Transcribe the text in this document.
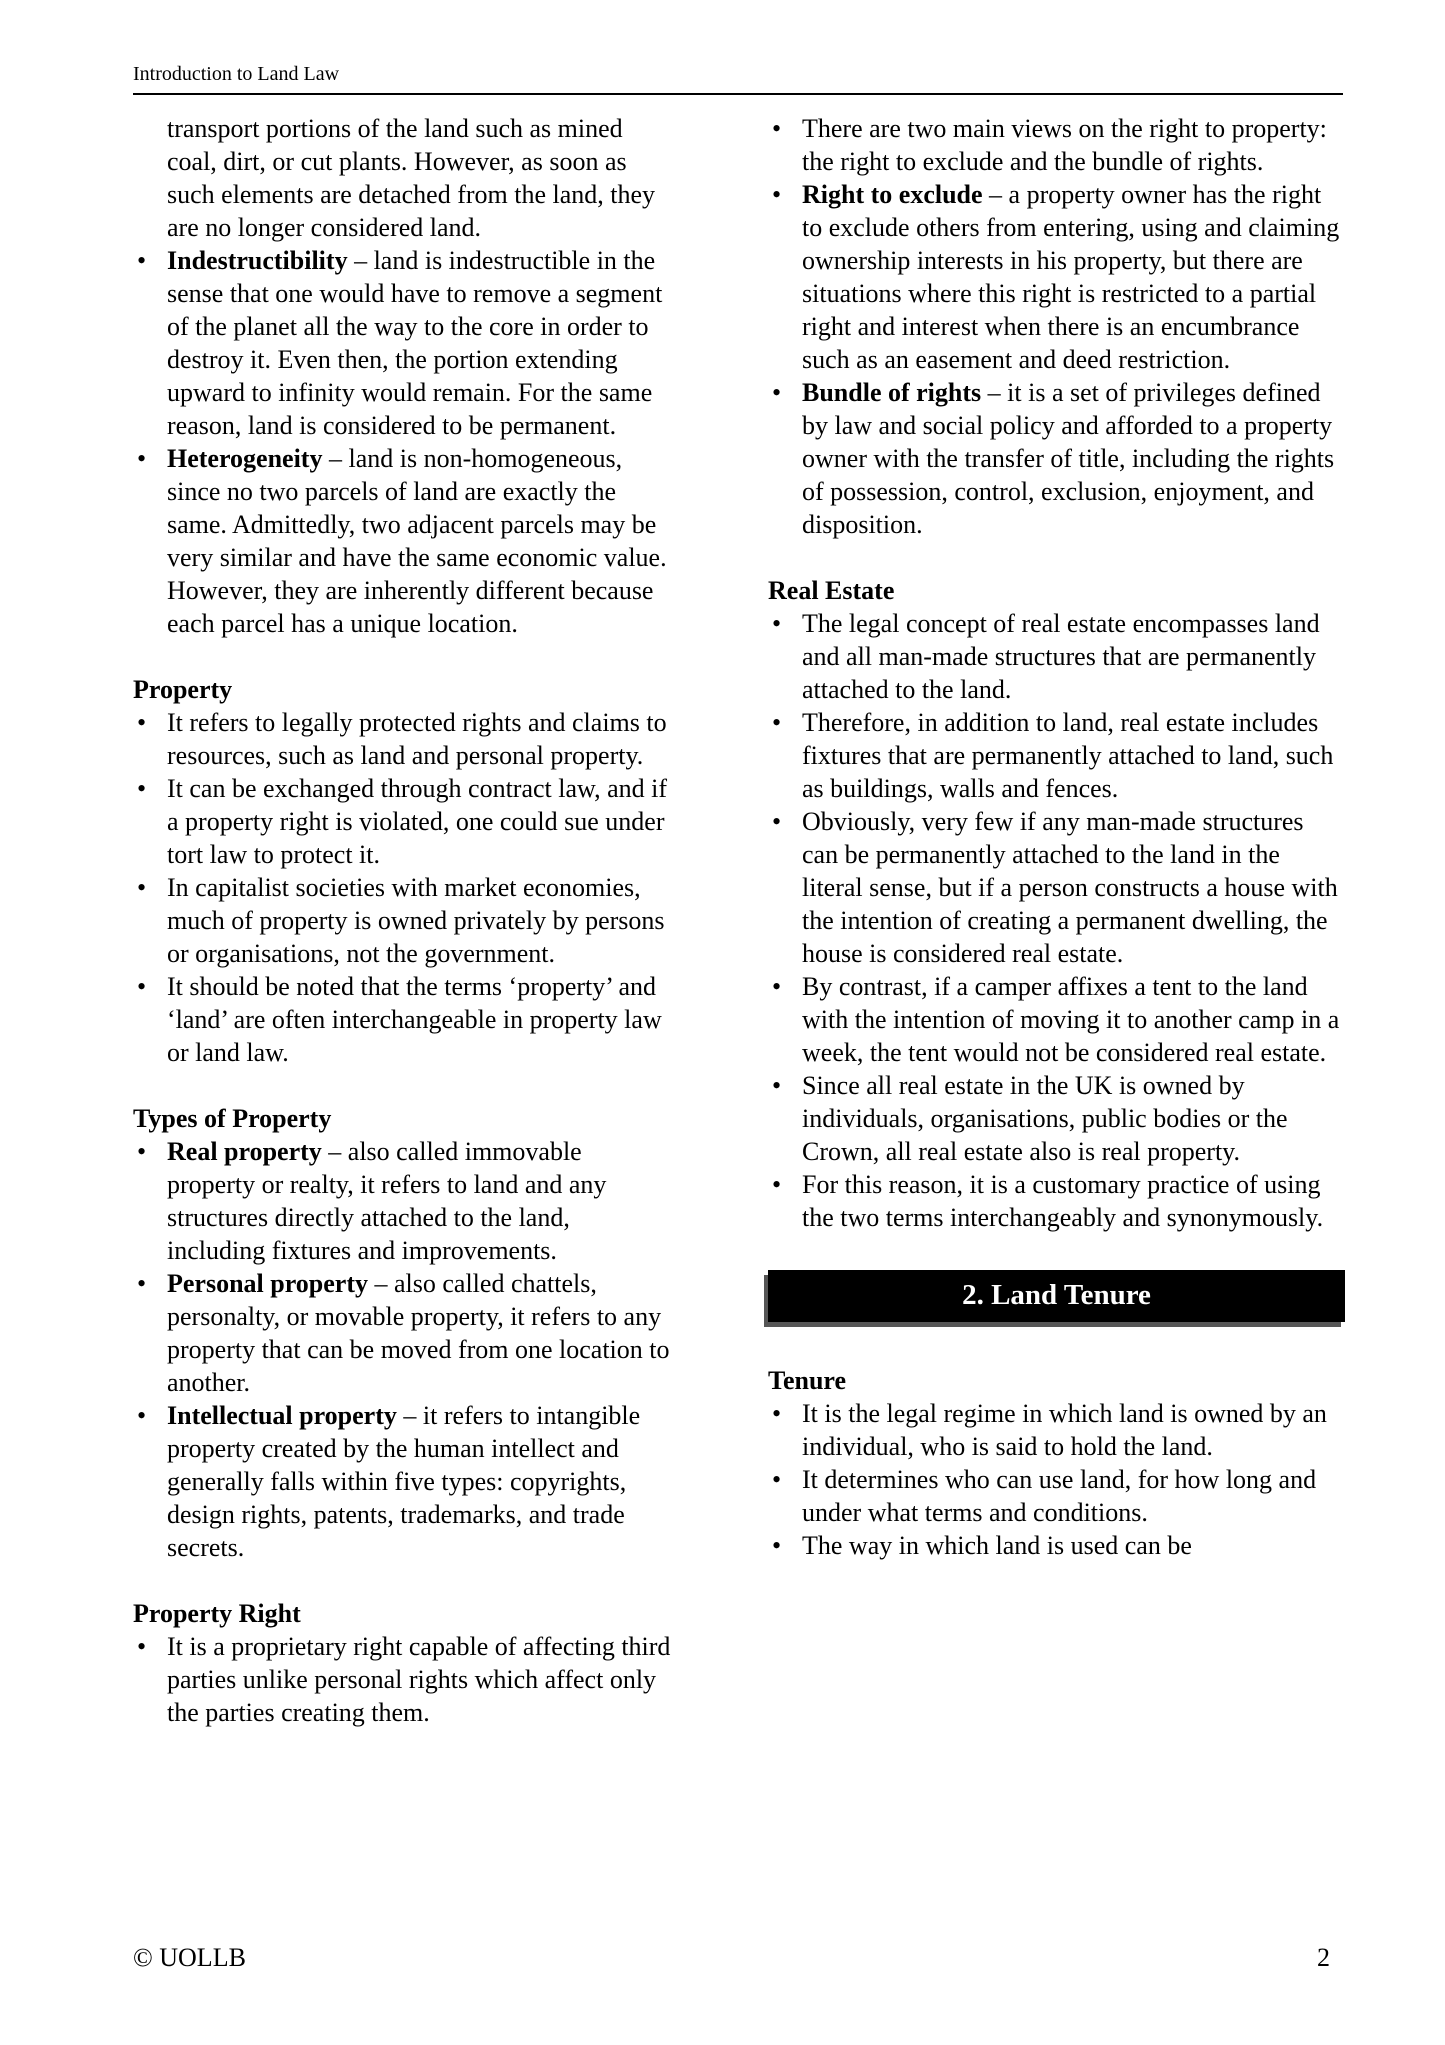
Introduction to Land Law
transport portions of the land such as mined coal, dirt, or cut plants. However, as soon as such elements are detached from the land, they are no longer considered land.
• Indestructibility – land is indestructible in the sense that one would have to remove a segment of the planet all the way to the core in order to destroy it. Even then, the portion extending upward to infinity would remain. For the same reason, land is considered to be permanent.
• Heterogeneity – land is non-homogeneous, since no two parcels of land are exactly the same. Admittedly, two adjacent parcels may be very similar and have the same economic value. However, they are inherently different because each parcel has a unique location.
Property
• It refers to legally protected rights and claims to resources, such as land and personal property.
• It can be exchanged through contract law, and if a property right is violated, one could sue under tort law to protect it.
• In capitalist societies with market economies, much of property is owned privately by persons or organisations, not the government.
• It should be noted that the terms ‘property’ and ‘land’ are often interchangeable in property law or land law.
Types of Property
• Real property – also called immovable property or realty, it refers to land and any structures directly attached to the land, including fixtures and improvements.
• Personal property – also called chattels, personalty, or movable property, it refers to any property that can be moved from one location to another.
• Intellectual property – it refers to intangible property created by the human intellect and generally falls within five types: copyrights, design rights, patents, trademarks, and trade secrets.
Property Right
• It is a proprietary right capable of affecting third parties unlike personal rights which affect only the parties creating them.
• There are two main views on the right to property: the right to exclude and the bundle of rights.
• Right to exclude – a property owner has the right to exclude others from entering, using and claiming ownership interests in his property, but there are situations where this right is restricted to a partial right and interest when there is an encumbrance such as an easement and deed restriction.
• Bundle of rights – it is a set of privileges defined by law and social policy and afforded to a property owner with the transfer of title, including the rights of possession, control, exclusion, enjoyment, and disposition.
Real Estate
• The legal concept of real estate encompasses land and all man-made structures that are permanently attached to the land.
• Therefore, in addition to land, real estate includes fixtures that are permanently attached to land, such as buildings, walls and fences.
• Obviously, very few if any man-made structures can be permanently attached to the land in the literal sense, but if a person constructs a house with the intention of creating a permanent dwelling, the house is considered real estate.
• By contrast, if a camper affixes a tent to the land with the intention of moving it to another camp in a week, the tent would not be considered real estate.
• Since all real estate in the UK is owned by individuals, organisations, public bodies or the Crown, all real estate also is real property.
• For this reason, it is a customary practice of using the two terms interchangeably and synonymously.
2. Land Tenure
Tenure
• It is the legal regime in which land is owned by an individual, who is said to hold the land.
• It determines who can use land, for how long and under what terms and conditions.
• The way in which land is used can be
© UOLLB	2
